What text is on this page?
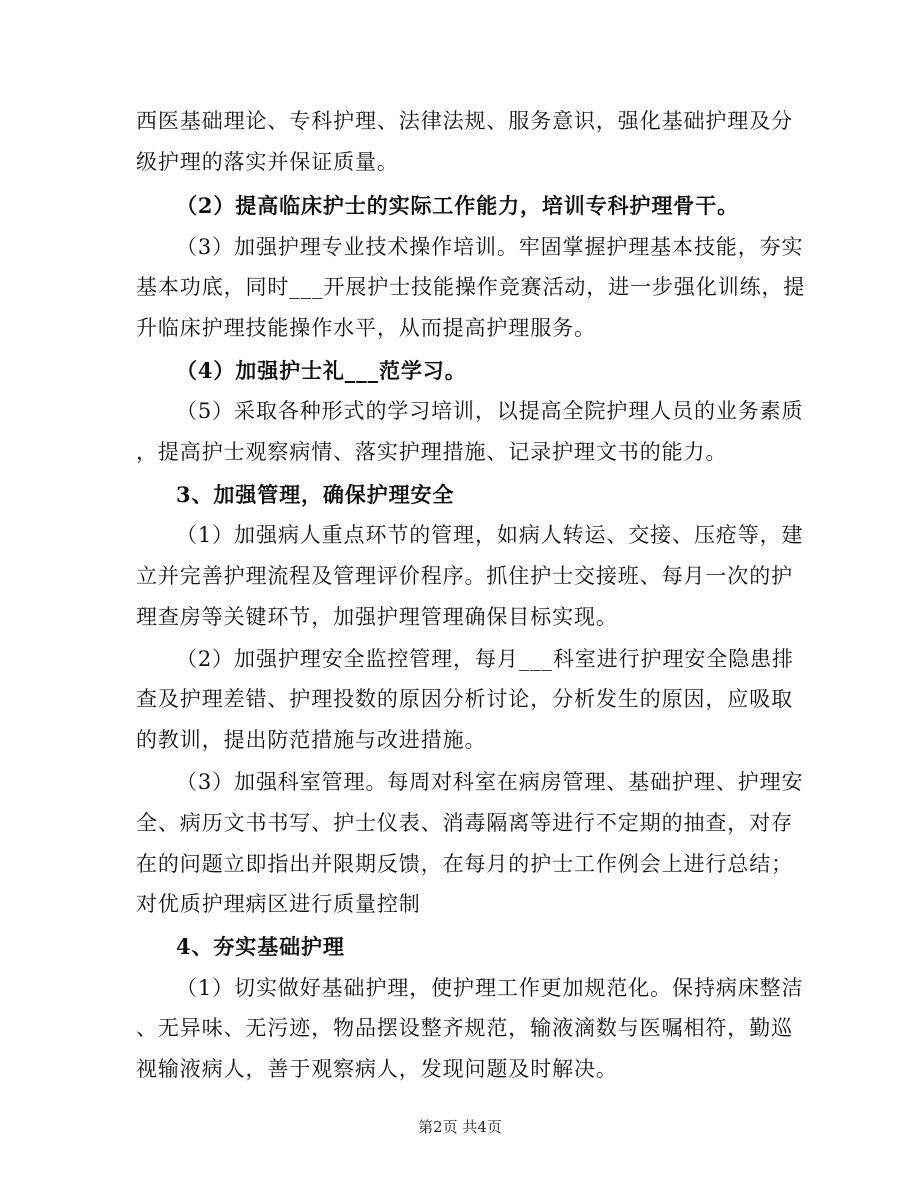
西医基础理论、专科护理、法律法规、服务意识，强化基础护理及分
级护理的落实并保证质量。
（2）提高临床护士的实际工作能力，培训专科护理骨干。
（3）加强护理专业技术操作培训。牢固掌握护理基本技能，夯实
基本功底，同时___开展护士技能操作竞赛活动，进一步强化训练，提
升临床护理技能操作水平，从而提高护理服务。
（4）加强护士礼___范学习。
（5）采取各种形式的学习培训，以提高全院护理人员的业务素质
，提高护士观察病情、落实护理措施、记录护理文书的能力。
3、加强管理，确保护理安全
（1）加强病人重点环节的管理，如病人转运、交接、压疮等，建
立并完善护理流程及管理评价程序。抓住护士交接班、每月一次的护
理查房等关键环节，加强护理管理确保目标实现。
（2）加强护理安全监控管理，每月___科室进行护理安全隐患排
查及护理差错、护理投数的原因分析讨论，分析发生的原因，应吸取
的教训，提出防范措施与改进措施。
（3）加强科室管理。每周对科室在病房管理、基础护理、护理安
全、病历文书书写、护士仪表、消毒隔离等进行不定期的抽查，对存
在的问题立即指出并限期反馈，在每月的护士工作例会上进行总结；
对优质护理病区进行质量控制
4、夯实基础护理
（1）切实做好基础护理，使护理工作更加规范化。保持病床整洁
、无异味、无污迹，物品摆设整齐规范，输液滴数与医嘱相符，勤巡
视输液病人，善于观察病人，发现问题及时解决。
第2页 共4页
